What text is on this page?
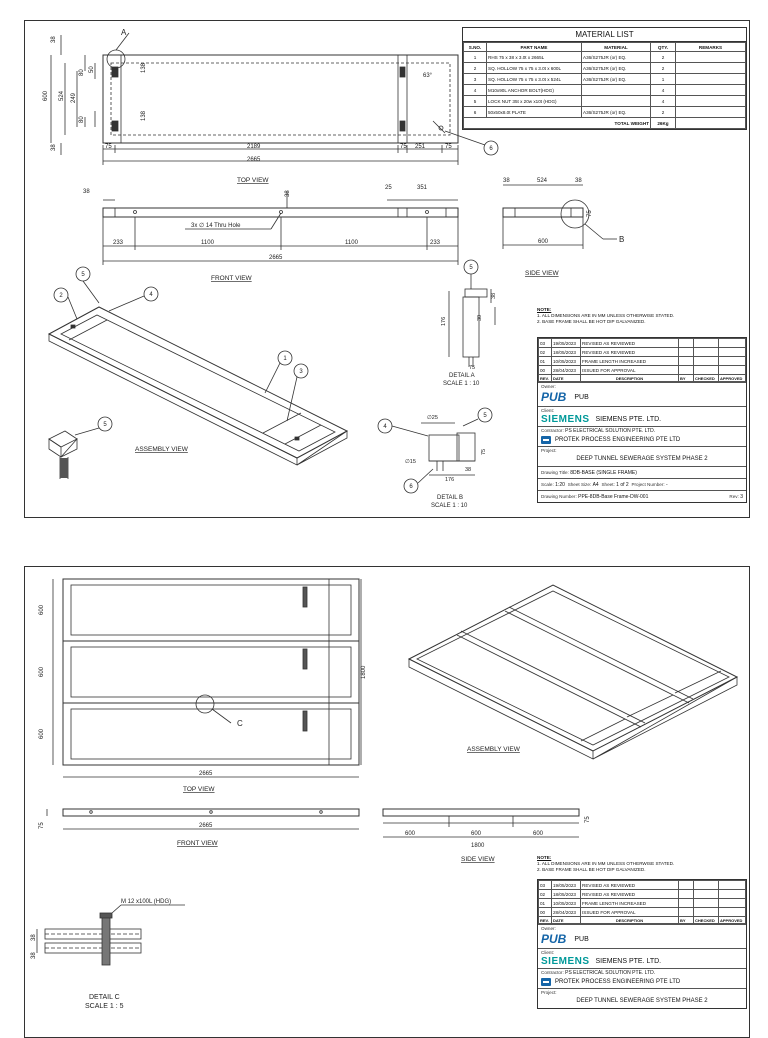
A
38
600 524 249
80
80
50	138
138
38
63°
75	2189	75 251	75
2665
TOP VIEW
38	38
25	351
3x ∅ 14 Thru Hole
233	1100	1100	233
2665
FRONT VIEW
38	524	38
75
600	B
SIDE VIEW
5
2	4
1
3
5
6
5
4
5
6
ASSEMBLY VIEW
176
38
30
75
DETAIL A
SCALE 1 : 10
∅25
∅15
75
38
176
DETAIL B
SCALE 1 : 10
MATERIAL LIST
S.NO.	PART NAME	MATERIAL	QTY.	REMARKS
1	RHS 75 x 38 x 3.0t x 2665L	A36/S275JR (or) EQ.	2	
2	SQ. HOLLOW 75 x 75 x 3.0t x 600L	A36/S275JR (or) EQ.	2	
3	SQ. HOLLOW 75 x 75 x 3.0t x 524L	A36/S275JR (or) EQ.	1	
4	M10x90L ANCHOR BOLT(HDG)		4	
5	LOCK NUT 35t x 20w x10t (HDG)		4	
6	50x50x8.0t PLATE	A36/S275JR (or) EQ.	2	
TOTAL WEIGHT			26Kg	
NOTE:
1. ALL DIMENSIONS ARE IN MM UNLESS OTHERWISE STATED.
2. BASE FRAME SHALL BE HOT DIP GALVANIZED.
03	19/05/2023	REVISED AS REVIEWED			
02	18/05/2023	REVISED AS REVIEWED			
01	10/05/2023	FRAME LENGTH INCREASED			
00	28/04/2023	ISSUED FOR APPROVAL			
REV.	DATE	DESCRIPTION	BY	CHECKED	APPROVED
Owner:
PUB PUB
Client:
SIEMENS SIEMENS PTE. LTD.
Contractor: PS ELECTRICAL SOLUTION PTE. LTD.
PROTEK PROCESS ENGINEERING PTE LTD
Project:
DEEP TUNNEL SEWERAGE SYSTEM PHASE 2
Drawing Title:
8DB-BASE (SINGLE FRAME)
Scale:
1:20
Sheet Size:
A4
Sheet:
1 of 2
Project Number:
-
Drawing Number:
PPE-8DB-Base Frame-DW-001	Rev:
3
600
600
600
1800
2665
C
TOP VIEW
75	2665
FRONT VIEW
600	600	600
1800
75
SIDE VIEW
ASSEMBLY VIEW
M 12 x100L (HDG)
38
38
DETAIL C
SCALE 1 : 5
NOTE:
1. ALL DIMENSIONS ARE IN MM UNLESS OTHERWISE STATED.
2. BASE FRAME SHALL BE HOT DIP GALVANIZED.
03	19/05/2023	REVISED AS REVIEWED			
02	18/05/2023	REVISED AS REVIEWED			
01	10/05/2023	FRAME LENGTH INCREASED			
00	28/04/2023	ISSUED FOR APPROVAL			
REV.	DATE	DESCRIPTION	BY	CHECKED	APPROVED
Owner:
PUB PUB
Client:
SIEMENS SIEMENS PTE. LTD.
Contractor: PS ELECTRICAL SOLUTION PTE. LTD.
PROTEK PROCESS ENGINEERING PTE LTD
Project:
DEEP TUNNEL SEWERAGE SYSTEM PHASE 2
